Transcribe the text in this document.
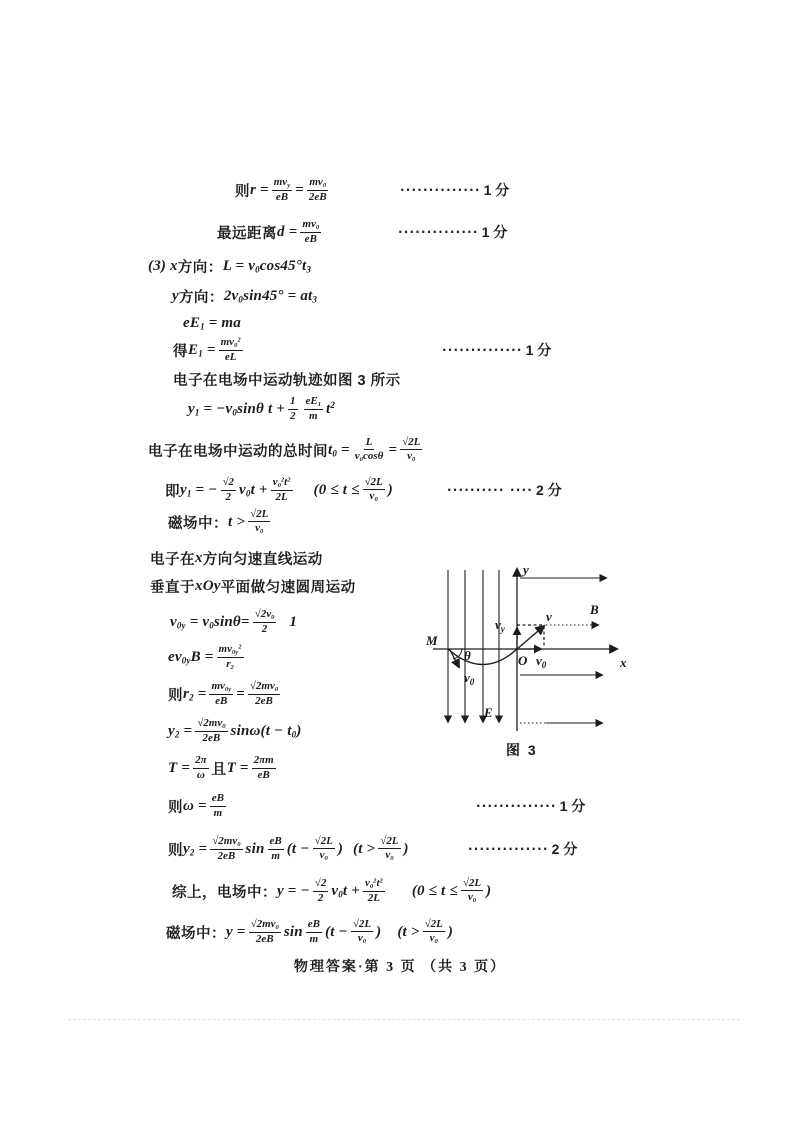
则 $r = mv_y$
eB = $\frac{mv_0}{2eB}$	·············· 1 分
最远距离 $d = \frac{mv_0}{eB}$	·············· 1 分
(3) x 方向： $L = v_0\cos 45^\circ t_3$
y 方向： $2v_0\sin 45^\circ = at_3$
$eE_1$ = ma
得 $E_1 = \frac{mv_0^2}{eL}$	·············· 1 分
电子在电场中运动轨迹如图 3 所示
$y_1 = -v_0\sin\theta$ $t + \frac{1}{2} \frac{eE_1}{m} t^2$
电子在电场中运动的总时间 $t_0 = \frac{L}{v_0\cos\theta} = \frac{√2L}{v_0}$
即 $y_1$ = − $\frac{√2}{2} v_0t + \frac{v_0^2t^2}{2L} (0 \le t \le \frac{√2L}{v_0}$ )	·········· ···· 2 分
磁场中： $t > \frac{√2L}{v_0}$
电子在 x 方向匀速直线运动
垂直于 xOy 平面做匀速圆周运动
$v_{0y} = v_0\sin\theta= \frac{√2v_0}{2} 1$
$ev_{0y}B = \frac{mv_{0y}^2}{r_2}$
则 $r_2 = \frac{mv_{0y}}{eB} = \frac{√2mv_0}{2eB}$
$y_2 = \frac{√2mv_0}{2eB} \sin\omega(t - t_0)$
$T = \frac{2\pi}{\omega}$ 且 $T = \frac{2\pi m}{eB}$
则 $\omega = \frac{eB}{m}$	·············· 1 分
则 $y_2 = \frac{√2mv_0}{2eB}$ $\sin \frac{eB}{m} (t - \frac{√2L}{v_0}$ ) ($t > \frac{√2L}{v_0}$ )	·············· 2 分
综上，电场中： y = − $\frac{√2}{2} v_0t + \frac{v_0^2t^2}{2L} (0 \le t \le \frac{√2L}{v_0}$ )
磁场中： $y = \frac{√2mv_0}{2eB}$ $\sin \frac{eB}{m} (t - \frac{√2L}{v_0}$ ) ($t > \frac{√2L}{v_0}$ )
y
x
B
E
M
O
v
θ
$v_y$
$v_0$
$v_0$
图 3
物理答案·第 3 页 （共 3 页）
